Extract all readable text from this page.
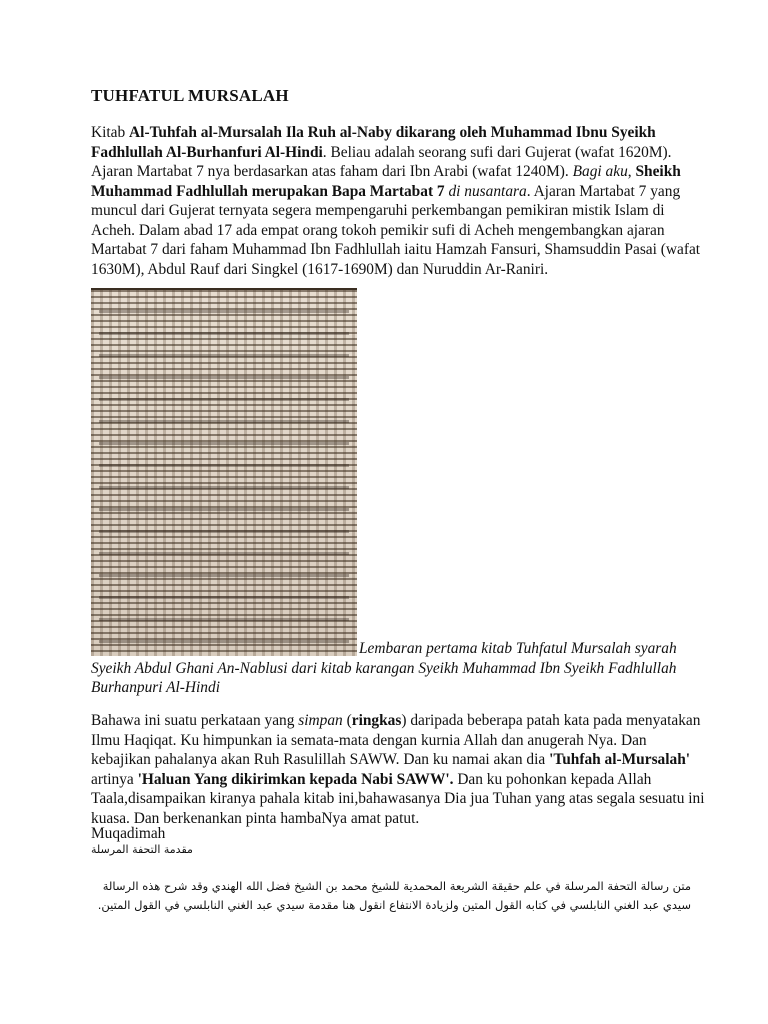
TUHFATUL MURSALAH

Kitab Al-Tuhfah al-Mursalah Ila Ruh al-Naby dikarang oleh Muhammad Ibnu Syeikh Fadhlullah Al-Burhanfuri Al-Hindi. Beliau adalah seorang sufi dari Gujerat (wafat 1620M). Ajaran Martabat 7 nya berdasarkan atas faham dari Ibn Arabi (wafat 1240M). Bagi aku, Sheikh Muhammad Fadhlullah merupakan Bapa Martabat 7 di nusantara. Ajaran Martabat 7 yang muncul dari Gujerat ternyata segera mempengaruhi perkembangan pemikiran mistik Islam di Acheh. Dalam abad 17 ada empat orang tokoh pemikir sufi di Acheh mengembangkan ajaran Martabat 7 dari faham Muhammad Ibn Fadhlullah iaitu Hamzah Fansuri, Shamsuddin Pasai (wafat 1630M), Abdul Rauf dari Singkel (1617-1690M) dan Nuruddin Ar-Raniri.

Lembaran pertama kitab Tuhfatul Mursalah syarah Syeikh Abdul Ghani An-Nablusi dari kitab karangan Syeikh Muhammad Ibn Syeikh Fadhlullah Burhanpuri Al-Hindi

Bahawa ini suatu perkataan yang simpan (ringkas) daripada beberapa patah kata pada menyatakan Ilmu Haqiqat. Ku himpunkan ia semata-mata dengan kurnia Allah dan anugerah Nya. Dan kebajikan pahalanya akan Ruh Rasulillah SAWW. Dan ku namai akan dia 'Tuhfah al-Mursalah' artinya 'Haluan Yang dikirimkan kepada Nabi SAWW'. Dan ku pohonkan kepada Allah Taala,disampaikan kiranya pahala kitab ini,bahawasanya Dia jua Tuhan yang atas segala sesuatu ini kuasa. Dan berkenankan pinta hambaNya amat patut.

Muqadimah

مقدمة التحفة المرسلة

متن رسالة التحفة المرسلة في علم حقيقة الشريعة المحمدية للشيخ محمد بن الشيخ فضل الله الهندي وقد شرح هذه الرسالة سيدي عبد الغني النابلسي في كتابه القول المتين ولزيادة الانتفاع انقول هنا مقدمة سيدي عبد الغني النابلسي في القول المتين.
